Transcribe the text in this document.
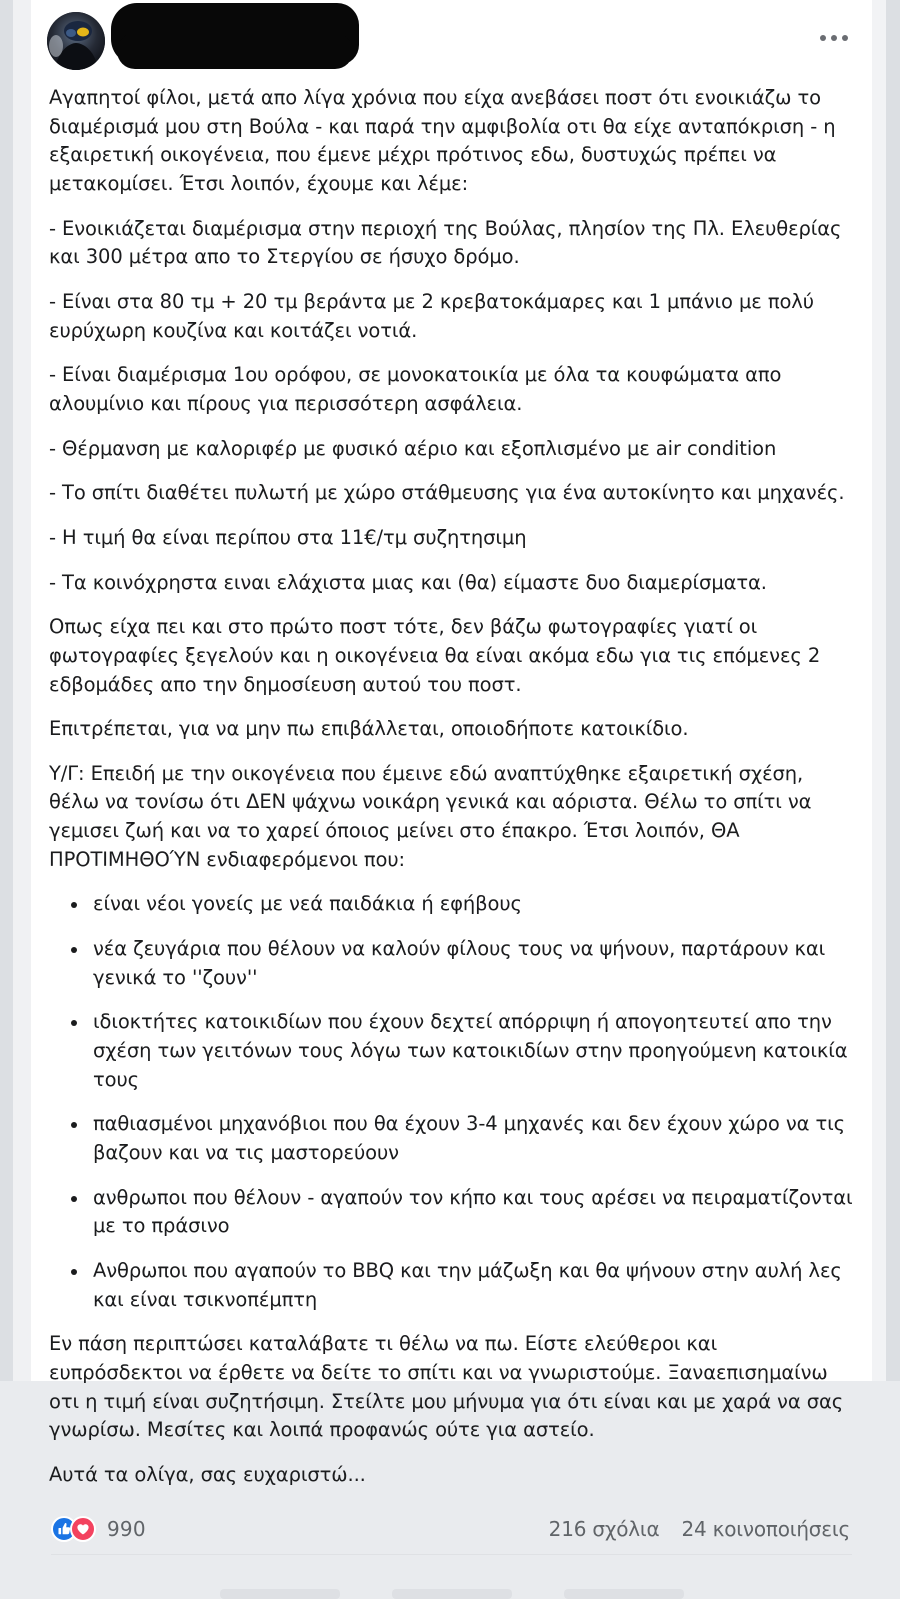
Αγαπητοί φίλοι, μετά απο λίγα χρόνια που είχα ανεβάσει ποστ ότι ενοικιάζω το διαμέρισμά μου στη Βούλα - και παρά την αμφιβολία οτι θα είχε ανταπόκριση - η εξαιρετική οικογένεια, που έμενε μέχρι πρότινος εδω, δυστυχώς πρέπει να μετακομίσει. Έτσι λοιπόν, έχουμε και λέμε:

- Ενοικιάζεται διαμέρισμα στην περιοχή της Βούλας, πλησίον της Πλ. Ελευθερίας και 300 μέτρα απο το Στεργίου σε ήσυχο δρόμο.

- Είναι στα 80 τμ + 20 τμ βεράντα με 2 κρεβατοκάμαρες και 1 μπάνιο με πολύ ευρύχωρη κουζίνα και κοιτάζει νοτιά.

- Είναι διαμέρισμα 1ου ορόφου, σε μονοκατοικία με όλα τα κουφώματα απο αλουμίνιο και πίρους για περισσότερη ασφάλεια.

- Θέρμανση με καλοριφέρ με φυσικό αέριο και εξοπλισμένο με air condition

- Το σπίτι διαθέτει πυλωτή με χώρο στάθμευσης για ένα αυτοκίνητο και μηχανές.

- Η τιμή θα είναι περίπου στα 11€/τμ συζητησιμη

- Τα κοινόχρηστα ειναι ελάχιστα μιας και (θα) είμαστε δυο διαμερίσματα.

Οπως είχα πει και στο πρώτο ποστ τότε, δεν βάζω φωτογραφίες γιατί οι φωτογραφίες ξεγελούν και η οικογένεια θα είναι ακόμα εδω για τις επόμενες 2 εδβομάδες απο την δημοσίευση αυτού του ποστ.

Επιτρέπεται, για να μην πω επιβάλλεται, οποιοδήποτε κατοικίδιο.

Υ/Γ: Επειδή με την οικογένεια που έμεινε εδώ αναπτύχθηκε εξαιρετική σχέση, θέλω να τονίσω ότι ΔΕΝ ψάχνω νοικάρη γενικά και αόριστα. Θέλω το σπίτι να γεμισει ζωή και να το χαρεί όποιος μείνει στο έπακρο. Έτσι λοιπόν, ΘΑ ΠΡΟΤΙΜΗΘΟΎΝ ενδιαφερόμενοι που:

είναι νέοι γονείς με νεά παιδάκια ή εφήβους
νέα ζευγάρια που θέλουν να καλούν φίλους τους να ψήνουν, παρτάρουν και γενικά το ''ζουν''
ιδιοκτήτες κατοικιδίων που έχουν δεχτεί απόρριψη ή απογοητευτεί απο την σχέση των γειτόνων τους λόγω των κατοικιδίων στην προηγούμενη κατοικία τους
παθιασμένοι μηχανόβιοι που θα έχουν 3-4 μηχανές και δεν έχουν χώρο να τις βαζουν και να τις μαστορεύουν
ανθρωποι που θέλουν - αγαπούν τον κήπο και τους αρέσει να πειραματίζονται με το πράσινο
Ανθρωποι που αγαπούν το BBQ και την μάζωξη και θα ψήνουν στην αυλή λες και είναι τσικνοπέμπτη

Εν πάση περιπτώσει καταλάβατε τι θέλω να πω. Είστε ελεύθεροι και ευπρόσδεκτοι να έρθετε να δείτε το σπίτι και να γνωριστούμε. Ξαναεπισημαίνω οτι η τιμή είναι συζητήσιμη. Στείλτε μου μήνυμα για ότι είναι και με χαρά να σας γνωρίσω. Μεσίτες και λοιπά προφανώς ούτε για αστείο.

Αυτά τα ολίγα, σας ευχαριστώ...

990	216 σχόλια 24 κοινοποιήσεις
